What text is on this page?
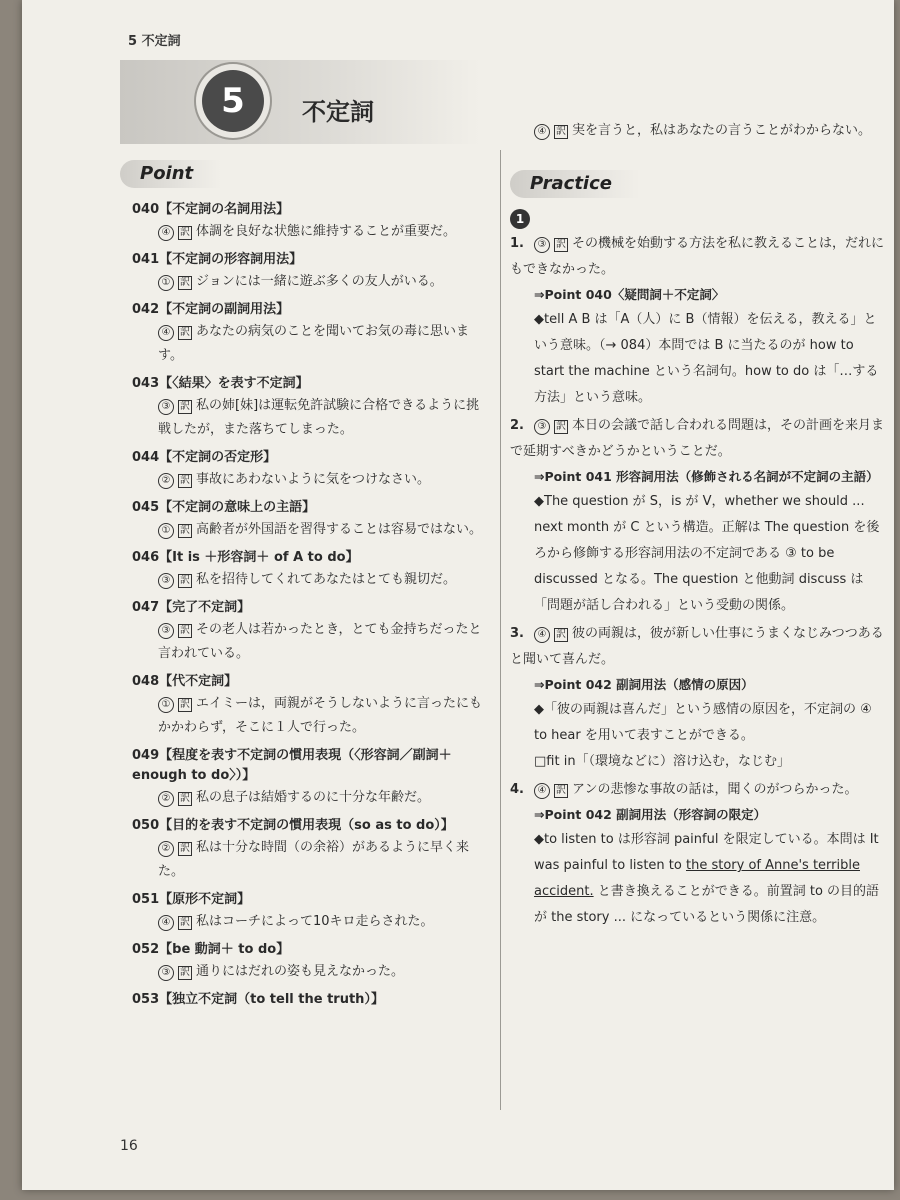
5 不定詞
5	不定詞
Point
040【不定詞の名詞用法】
④ 訳 体調を良好な状態に維持することが重要だ。
041【不定詞の形容詞用法】
① 訳 ジョンには一緒に遊ぶ多くの友人がいる。
042【不定詞の副詞用法】
④ 訳 あなたの病気のことを聞いてお気の毒に思います。
043【〈結果〉を表す不定詞】
③ 訳 私の姉[妹]は運転免許試験に合格できるように挑戦したが，また落ちてしまった。
044【不定詞の否定形】
② 訳 事故にあわないように気をつけなさい。
045【不定詞の意味上の主語】
① 訳 高齢者が外国語を習得することは容易ではない。
046【It is ＋形容詞＋ of A to do】
③ 訳 私を招待してくれてあなたはとても親切だ。
047【完了不定詞】
③ 訳 その老人は若かったとき，とても金持ちだったと言われている。
048【代不定詞】
① 訳 エイミーは，両親がそうしないように言ったにもかかわらず，そこに１人で行った。
049【程度を表す不定詞の慣用表現（〈形容詞／副詞＋ enough to do〉）】
② 訳 私の息子は結婚するのに十分な年齢だ。
050【目的を表す不定詞の慣用表現（so as to do）】
② 訳 私は十分な時間（の余裕）があるように早く来た。
051【原形不定詞】
④ 訳 私はコーチによって10キロ走らされた。
052【be 動詞＋ to do】
③ 訳 通りにはだれの姿も見えなかった。
053【独立不定詞（to tell the truth）】
④ 訳 実を言うと，私はあなたの言うことがわからない。
Practice
1
1. ③ 訳 その機械を始動する方法を私に教えることは，だれにもできなかった。
⇒Point 040〈疑問詞＋不定詞〉
◆tell A B は「A（人）に B（情報）を伝える，教える」という意味。（→ 084）本問では B に当たるのが how to start the machine という名詞句。how to do は「…する方法」という意味。
2. ③ 訳 本日の会議で話し合われる問題は，その計画を来月まで延期すべきかどうかということだ。
⇒Point 041 形容詞用法（修飾される名詞が不定詞の主語）
◆The question が S，is が V，whether we should ... next month が C という構造。正解は The question を後ろから修飾する形容詞用法の不定詞である ③ to be discussed となる。The question と他動詞 discuss は「問題が話し合われる」という受動の関係。
3. ④ 訳 彼の両親は，彼が新しい仕事にうまくなじみつつあると聞いて喜んだ。
⇒Point 042 副詞用法（感情の原因）
◆「彼の両親は喜んだ」という感情の原因を，不定詞の ④ to hear を用いて表すことができる。
□fit in「（環境などに）溶け込む，なじむ」
4. ④ 訳 アンの悲惨な事故の話は，聞くのがつらかった。
⇒Point 042 副詞用法（形容詞の限定）
◆to listen to は形容詞 painful を限定している。本問は It was painful to listen to the story of Anne's terrible accident. と書き換えることができる。前置詞 to の目的語が the story ... になっているという関係に注意。
16
